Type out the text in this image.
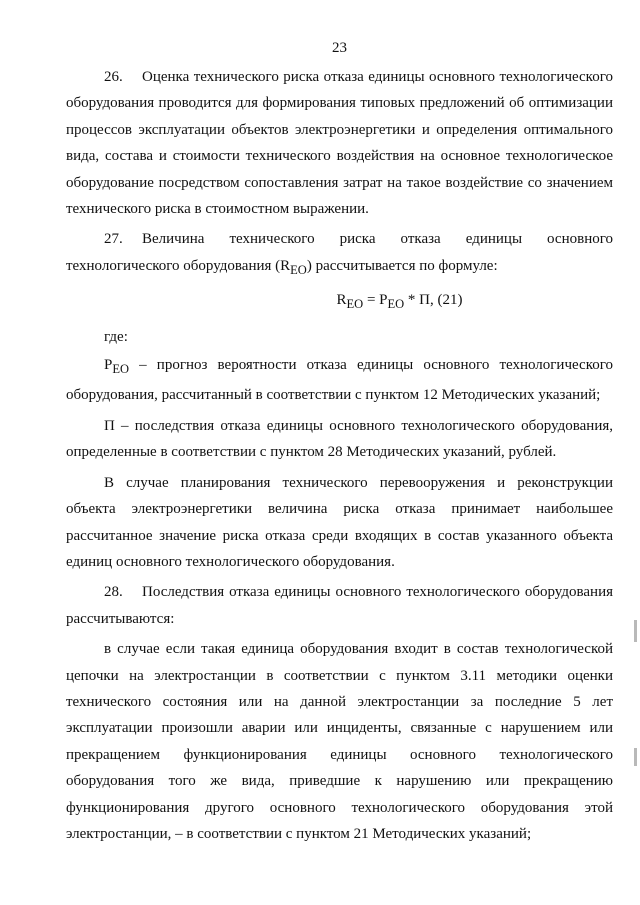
23

26. Оценка технического риска отказа единицы основного технологического оборудования проводится для формирования типовых предложений об оптимизации процессов эксплуатации объектов электроэнергетики и определения оптимального вида, состава и стоимости технического воздействия на основное технологическое оборудование посредством сопоставления затрат на такое воздействие со значением технического риска в стоимостном выражении.

27. Величина технического риска отказа единицы основного технологического оборудования $(R_{EO})$ рассчитывается по формуле:

$R_{EO} = P_{EO} * П$, (21)

где:

$P_{EO}$ – прогноз вероятности отказа единицы основного технологического оборудования, рассчитанный в соответствии с пунктом 12 Методических указаний;

П – последствия отказа единицы основного технологического оборудования, определенные в соответствии с пунктом 28 Методических указаний, рублей.

В случае планирования технического перевооружения и реконструкции объекта электроэнергетики величина риска отказа принимает наибольшее рассчитанное значение риска отказа среди входящих в состав указанного объекта единиц основного технологического оборудования.

28. Последствия отказа единицы основного технологического оборудования рассчитываются:

в случае если такая единица оборудования входит в состав технологической цепочки на электростанции в соответствии с пунктом 3.11 методики оценки технического состояния или на данной электростанции за последние 5 лет эксплуатации произошли аварии или инциденты, связанные с нарушением или прекращением функционирования единицы основного технологического оборудования того же вида, приведшие к нарушению или прекращению функционирования другого основного технологического оборудования этой электростанции, – в соответствии с пунктом 21 Методических указаний;
